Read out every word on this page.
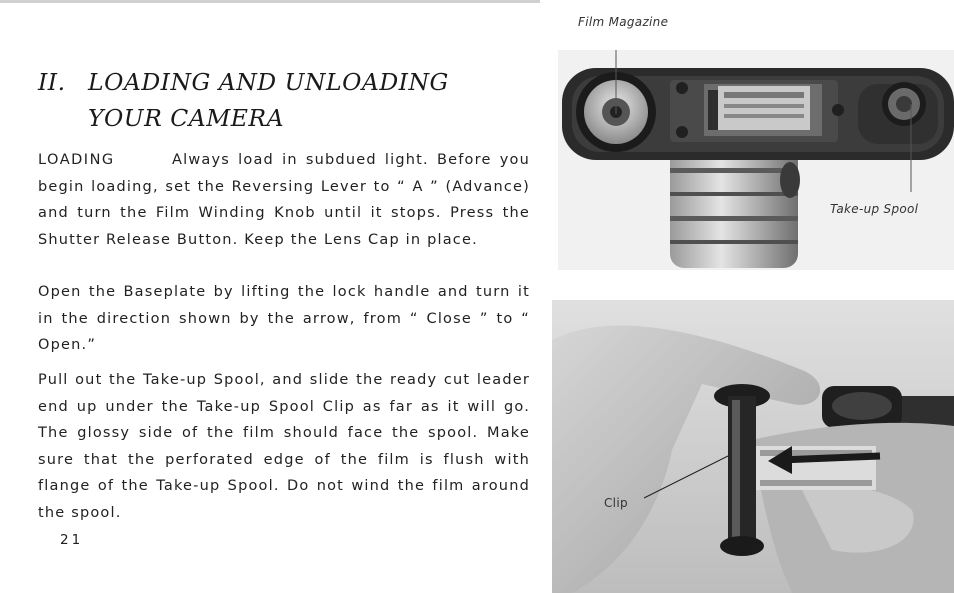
II. LOADING AND UNLOADING
YOUR CAMERA
LOADING	Always load in subdued light. Before you begin loading, set the Reversing Lever to “ A ” (Advance) and turn the Film Winding Knob until it stops. Press the Shutter Release Button. Keep the Lens Cap in place.
Open the Baseplate by lifting the lock handle and turn it in the direction shown by the arrow, from “ Close ” to “ Open.”
Pull out the Take-up Spool, and slide the ready cut leader end up under the Take-up Spool Clip as far as it will go. The glossy side of the film should face the spool. Make sure that the perforated edge of the film is flush with flange of the Take-up Spool. Do not wind the film around the spool.
21
Film Magazine
Take-up Spool
Clip
